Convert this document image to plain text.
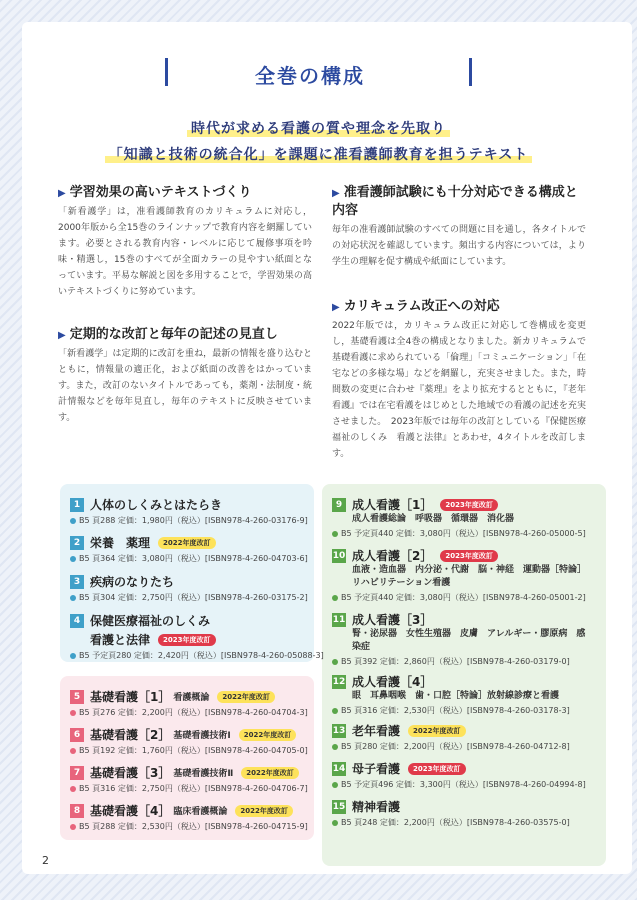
全巻の構成
時代が求める看護の質や理念を先取り
「知識と技術の統合化」を課題に准看護師教育を担うテキスト
▶ 学習効果の高いテキストづくり
「新看護学」は，准看護師教育のカリキュラムに対応し，2000年版から全15巻のラインナップで教育内容を網羅しています。必要とされる教育内容・レベルに応じて履修事項を吟味・精選し，15巻のすべてが全面カラーの見やすい紙面となっています。平易な解説と図を多用することで，学習効果の高いテキストづくりに努めています。
▶ 定期的な改訂と毎年の記述の見直し
「新看護学」は定期的に改訂を重ね，最新の情報を盛り込むとともに，情報量の適正化，および紙面の改善をはかっています。また，改訂のないタイトルであっても，薬剤・法制度・統計情報などを毎年見直し，毎年のテキストに反映させています。
▶ 准看護師試験にも十分対応できる構成と内容
毎年の准看護師試験のすべての問題に目を通し，各タイトルでの対応状況を確認しています。頻出する内容については，より学生の理解を促す構成や紙面にしています。
▶ カリキュラム改正への対応
2022年版では，カリキュラム改正に対応して巻構成を変更し，基礎看護は全4巻の構成となりました。新カリキュラムで基礎看護に求められている「倫理」「コミュニケーション」「在宅などの多様な場」などを網羅し，充実させました。また，時間数の変更に合わせ『薬理』をより拡充するとともに，『老年看護』では在宅看護をはじめとした地域での看護の記述を充実させました。　2023年版では毎年の改訂としている『保健医療福祉のしくみ　看護と法律』とあわせ，4タイトルを改訂します。
1 人体のしくみとはたらき
B5 頁288 定価：1,980円（税込）[ISBN978-4-260-03176-9]
2 栄養　薬理 2022年度改訂
B5 頁364 定価：3,080円（税込）[ISBN978-4-260-04703-6]
3 疾病のなりたち
B5 頁304 定価：2,750円（税込）[ISBN978-4-260-03175-2]
4 保健医療福祉のしくみ
看護と法律 2023年度改訂
B5 予定頁280 定価：2,420円（税込）[ISBN978-4-260-05088-3]
5 基礎看護［1］ 看護概論 2022年度改訂
B5 頁276 定価：2,200円（税込）[ISBN978-4-260-04704-3]
6 基礎看護［2］ 基礎看護技術Ⅰ 2022年度改訂
B5 頁192 定価：1,760円（税込）[ISBN978-4-260-04705-0]
7 基礎看護［3］ 基礎看護技術Ⅱ 2022年度改訂
B5 頁316 定価：2,750円（税込）[ISBN978-4-260-04706-7]
8 基礎看護［4］ 臨床看護概論 2022年度改訂
B5 頁288 定価：2,530円（税込）[ISBN978-4-260-04715-9]
9 成人看護［1］ 2023年度改訂
成人看護総論　呼吸器　循環器　消化器
B5 予定頁440 定価：3,080円（税込）[ISBN978-4-260-05000-5]
10 成人看護［2］ 2023年度改訂
血液・造血器　内分泌・代謝　脳・神経　運動器［特論］リハビリテーション看護
B5 予定頁440 定価：3,080円（税込）[ISBN978-4-260-05001-2]
11 成人看護［3］
腎・泌尿器　女性生殖器　皮膚　アレルギー・膠原病　感染症
B5 頁392 定価：2,860円（税込）[ISBN978-4-260-03179-0]
12 成人看護［4］
眼　耳鼻咽喉　歯・口腔［特論］放射線診療と看護
B5 頁316 定価：2,530円（税込）[ISBN978-4-260-03178-3]
13 老年看護 2022年度改訂
B5 頁280 定価：2,200円（税込）[ISBN978-4-260-04712-8]
14 母子看護 2023年度改訂
B5 予定頁496 定価：3,300円（税込）[ISBN978-4-260-04994-8]
15 精神看護
B5 頁248 定価：2,200円（税込）[ISBN978-4-260-03575-0]
2
